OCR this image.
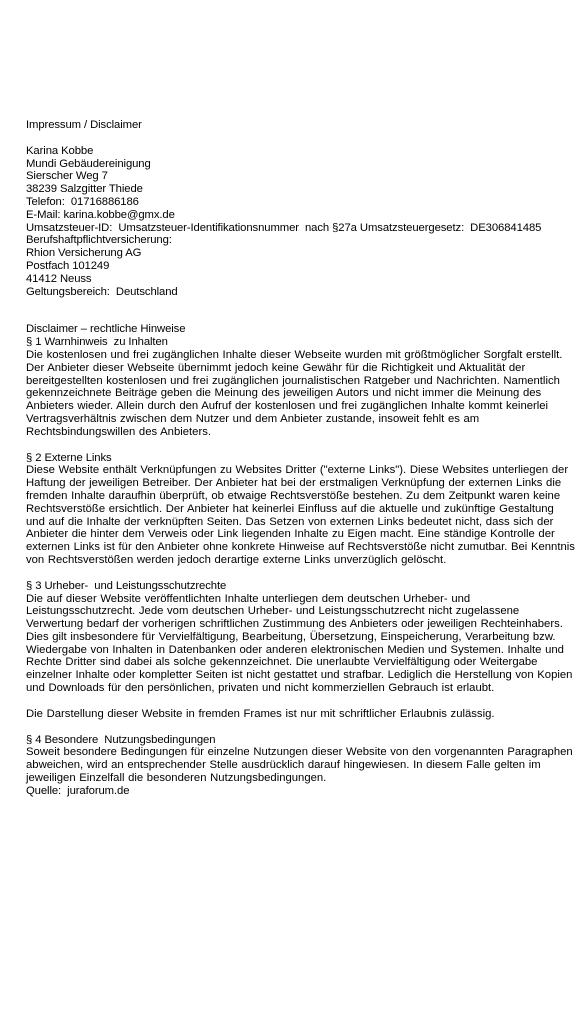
Impressum / Disclaimer
Karina Kobbe
Mundi Gebäudereinigung
Sierscher Weg 7
38239 Salzgitter Thiede
Telefon:  01716886186
E-Mail: karina.kobbe@gmx.de
Umsatzsteuer-ID:  Umsatzsteuer-Identifikationsnummer  nach §27a Umsatzsteuergesetz:  DE306841485
Berufshaftpflichtversicherung:
Rhion Versicherung AG
Postfach 101249
41412 Neuss
Geltungsbereich:  Deutschland
Disclaimer – rechtliche Hinweise
§ 1 Warnhinweis  zu Inhalten
Die kostenlosen und frei zugänglichen Inhalte dieser Webseite wurden mit größtmöglicher Sorgfalt erstellt. Der Anbieter dieser Webseite übernimmt jedoch keine Gewähr für die Richtigkeit und Aktualität der bereitgestellten kostenlosen und frei zugänglichen journalistischen Ratgeber und Nachrichten. Namentlich gekennzeichnete Beiträge geben die Meinung des jeweiligen Autors und nicht immer die Meinung des Anbieters wieder. Allein durch den Aufruf der kostenlosen und frei zugänglichen Inhalte kommt keinerlei Vertragsverhältnis zwischen dem Nutzer und dem Anbieter zustande, insoweit fehlt es am Rechtsbindungswillen des Anbieters.
§ 2 Externe Links
Diese Website enthält Verknüpfungen zu Websites Dritter ("externe Links"). Diese Websites unterliegen der Haftung der jeweiligen Betreiber. Der Anbieter hat bei der erstmaligen Verknüpfung der externen Links die fremden Inhalte daraufhin überprüft, ob etwaige Rechtsverstöße bestehen. Zu dem Zeitpunkt waren keine Rechtsverstöße ersichtlich. Der Anbieter hat keinerlei Einfluss auf die aktuelle und zukünftige Gestaltung und auf die Inhalte der verknüpften Seiten. Das Setzen von externen Links bedeutet nicht, dass sich der Anbieter die hinter dem Verweis oder Link liegenden Inhalte zu Eigen macht. Eine ständige Kontrolle der externen Links ist für den Anbieter ohne konkrete Hinweise auf Rechtsverstöße nicht zumutbar. Bei Kenntnis von Rechtsverstößen werden jedoch derartige externe Links unverzüglich gelöscht.
§ 3 Urheber-  und Leistungsschutzrechte
Die auf dieser Website veröffentlichten Inhalte unterliegen dem deutschen Urheber- und Leistungsschutzrecht. Jede vom deutschen Urheber- und Leistungsschutzrecht nicht zugelassene Verwertung bedarf der vorherigen schriftlichen Zustimmung des Anbieters oder jeweiligen Rechteinhabers. Dies gilt insbesondere für Vervielfältigung, Bearbeitung, Übersetzung, Einspeicherung, Verarbeitung bzw. Wiedergabe von Inhalten in Datenbanken oder anderen elektronischen Medien und Systemen. Inhalte und Rechte Dritter sind dabei als solche gekennzeichnet. Die unerlaubte Vervielfältigung oder Weitergabe einzelner Inhalte oder kompletter Seiten ist nicht gestattet und strafbar. Lediglich die Herstellung von Kopien und Downloads für den persönlichen, privaten und nicht kommerziellen Gebrauch ist erlaubt.
Die Darstellung dieser Website in fremden Frames ist nur mit schriftlicher Erlaubnis zulässig.
§ 4 Besondere  Nutzungsbedingungen
Soweit besondere Bedingungen für einzelne Nutzungen dieser Website von den vorgenannten Paragraphen abweichen, wird an entsprechender Stelle ausdrücklich darauf hingewiesen. In diesem Falle gelten im jeweiligen Einzelfall die besonderen Nutzungsbedingungen.
Quelle:  juraforum.de
